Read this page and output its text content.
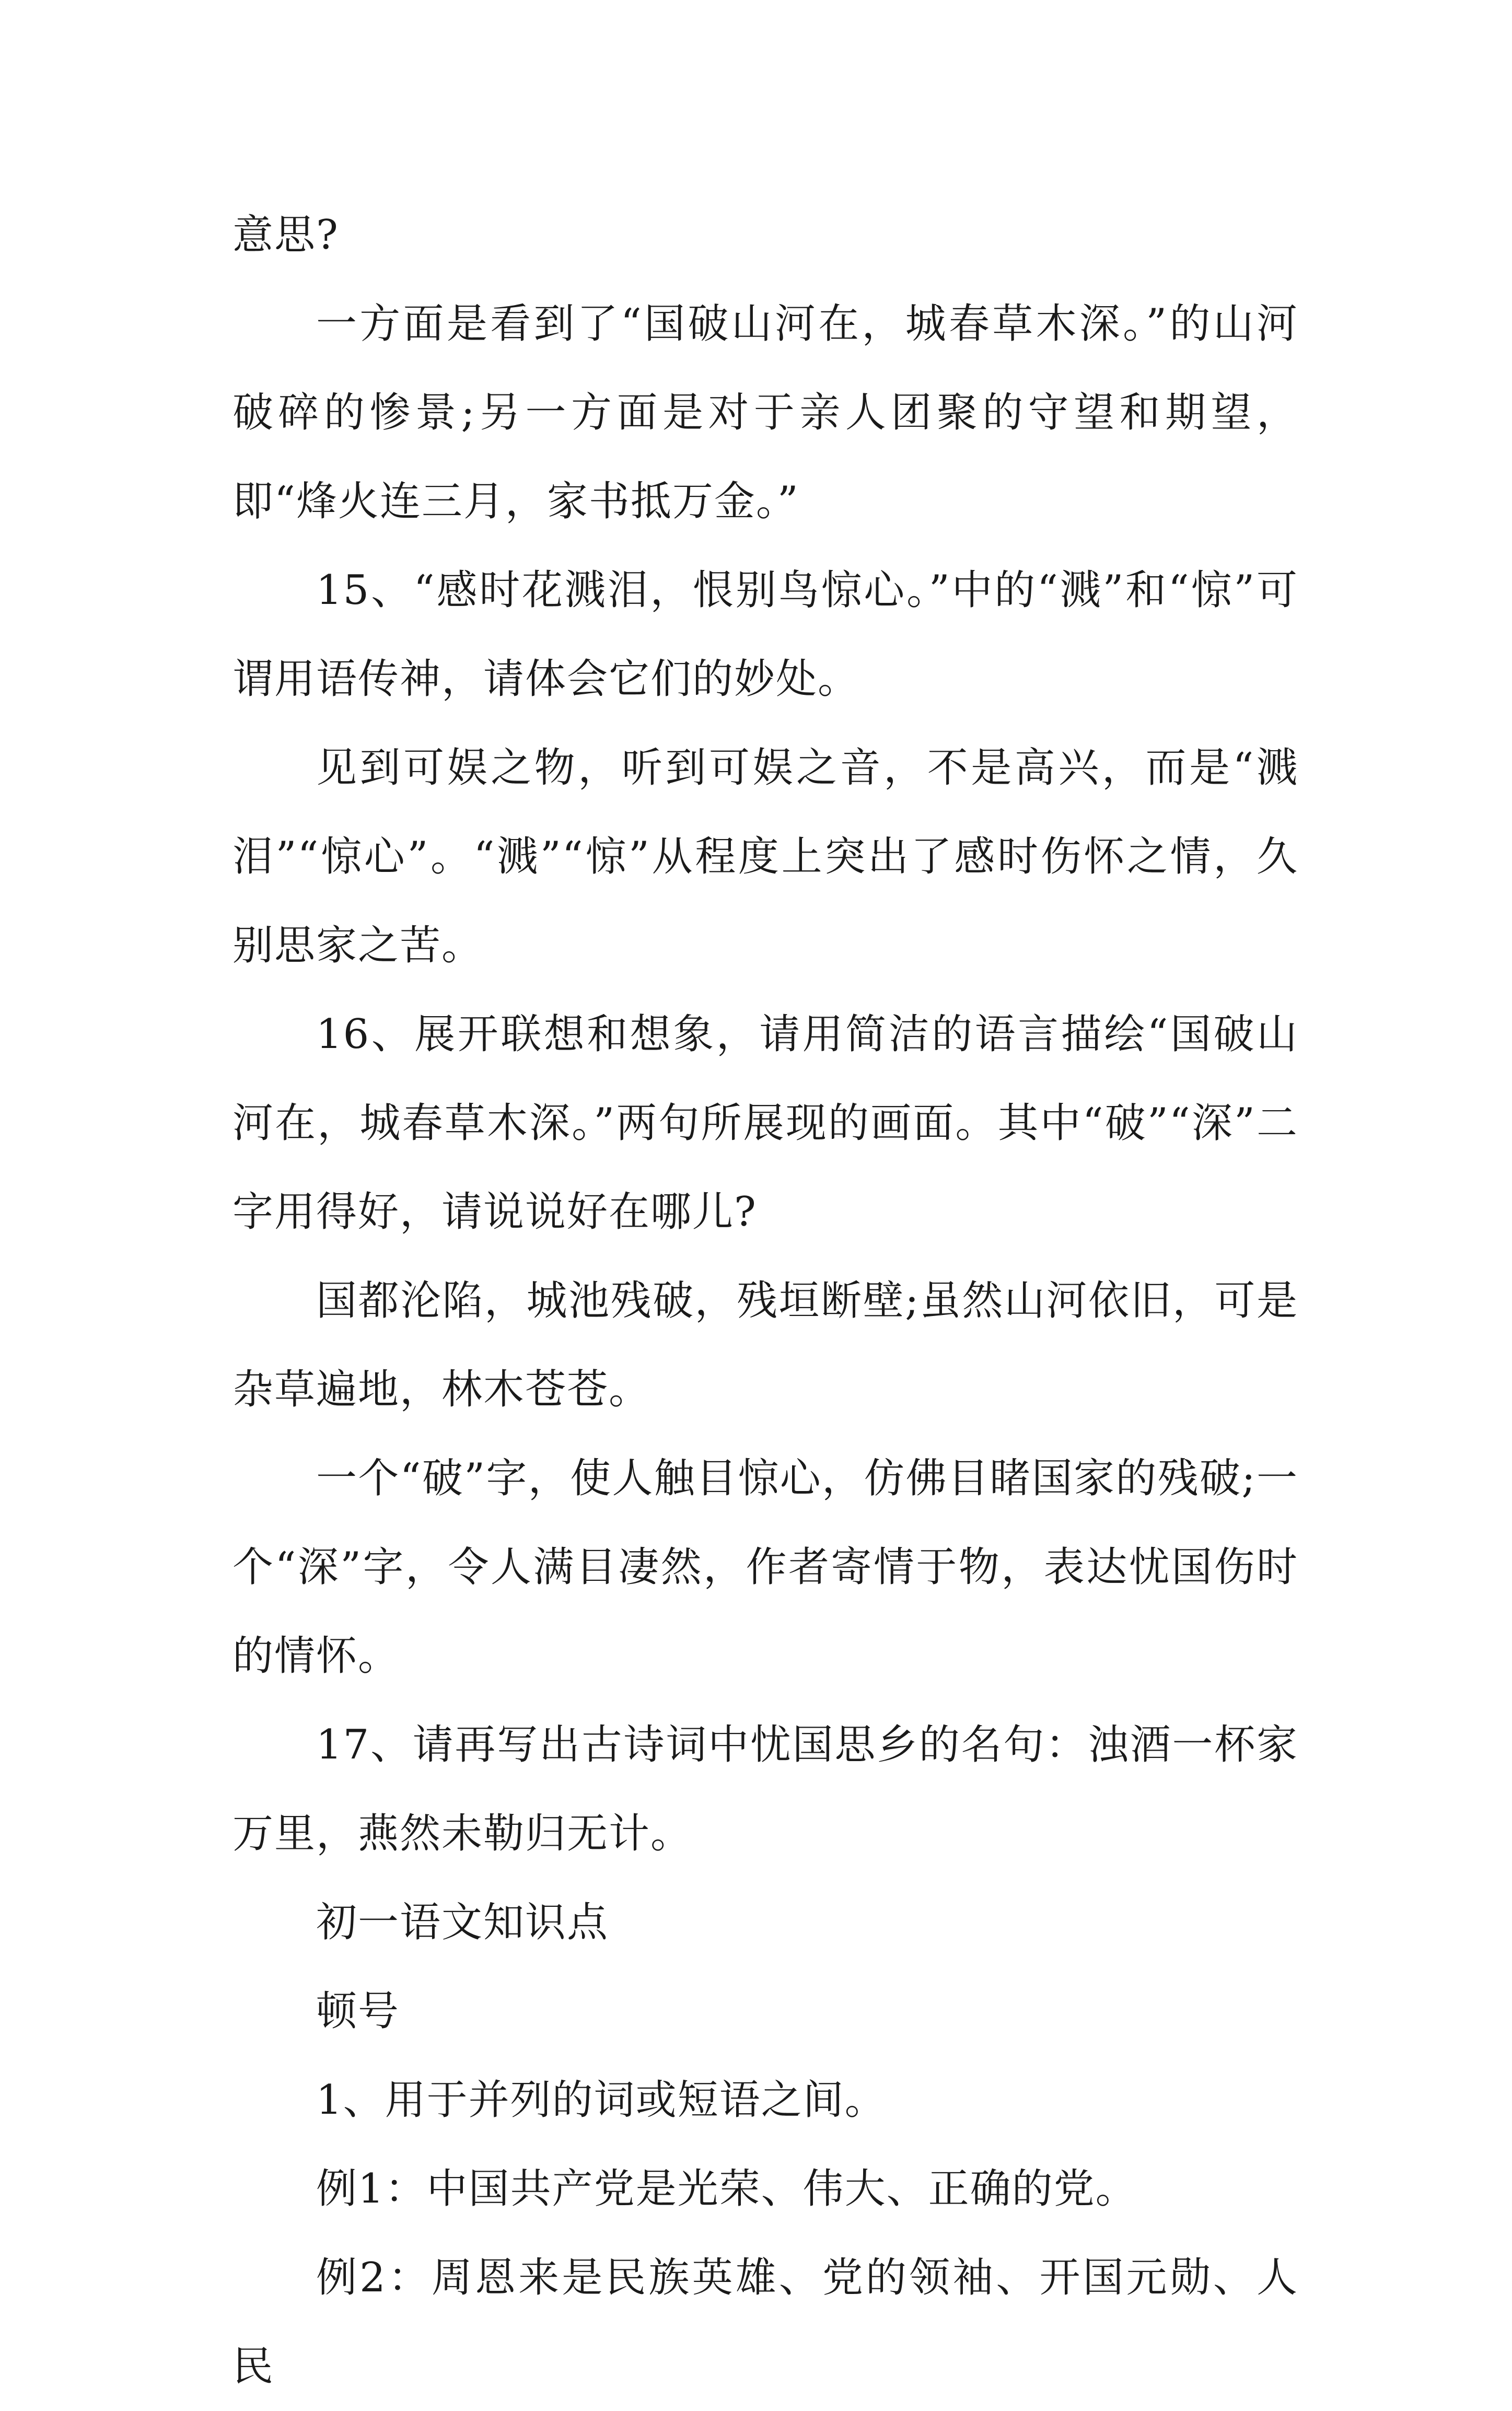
意思?

一方面是看到了“国破山河在，城春草木深。”的山河破碎的惨景;另一方面是对于亲人团聚的守望和期望，即“烽火连三月，家书抵万金。”

15、“感时花溅泪，恨别鸟惊心。”中的“溅”和“惊”可谓用语传神，请体会它们的妙处。

见到可娱之物，听到可娱之音，不是高兴，而是“溅泪”“惊心”。“溅”“惊”从程度上突出了感时伤怀之情，久别思家之苦。

16、展开联想和想象，请用简洁的语言描绘“国破山河在，城春草木深。”两句所展现的画面。其中“破”“深”二字用得好，请说说好在哪儿?

国都沦陷，城池残破，残垣断壁;虽然山河依旧，可是杂草遍地，林木苍苍。

一个“破”字，使人触目惊心，仿佛目睹国家的残破;一个“深”字，令人满目凄然，作者寄情于物，表达忧国伤时的情怀。

17、请再写出古诗词中忧国思乡的名句：浊酒一杯家万里，燕然未勒归无计。

初一语文知识点

顿号

1、用于并列的词或短语之间。

例1：中国共产党是光荣、伟大、正确的党。

例2：周恩来是民族英雄、党的领袖、开国元勋、人民
